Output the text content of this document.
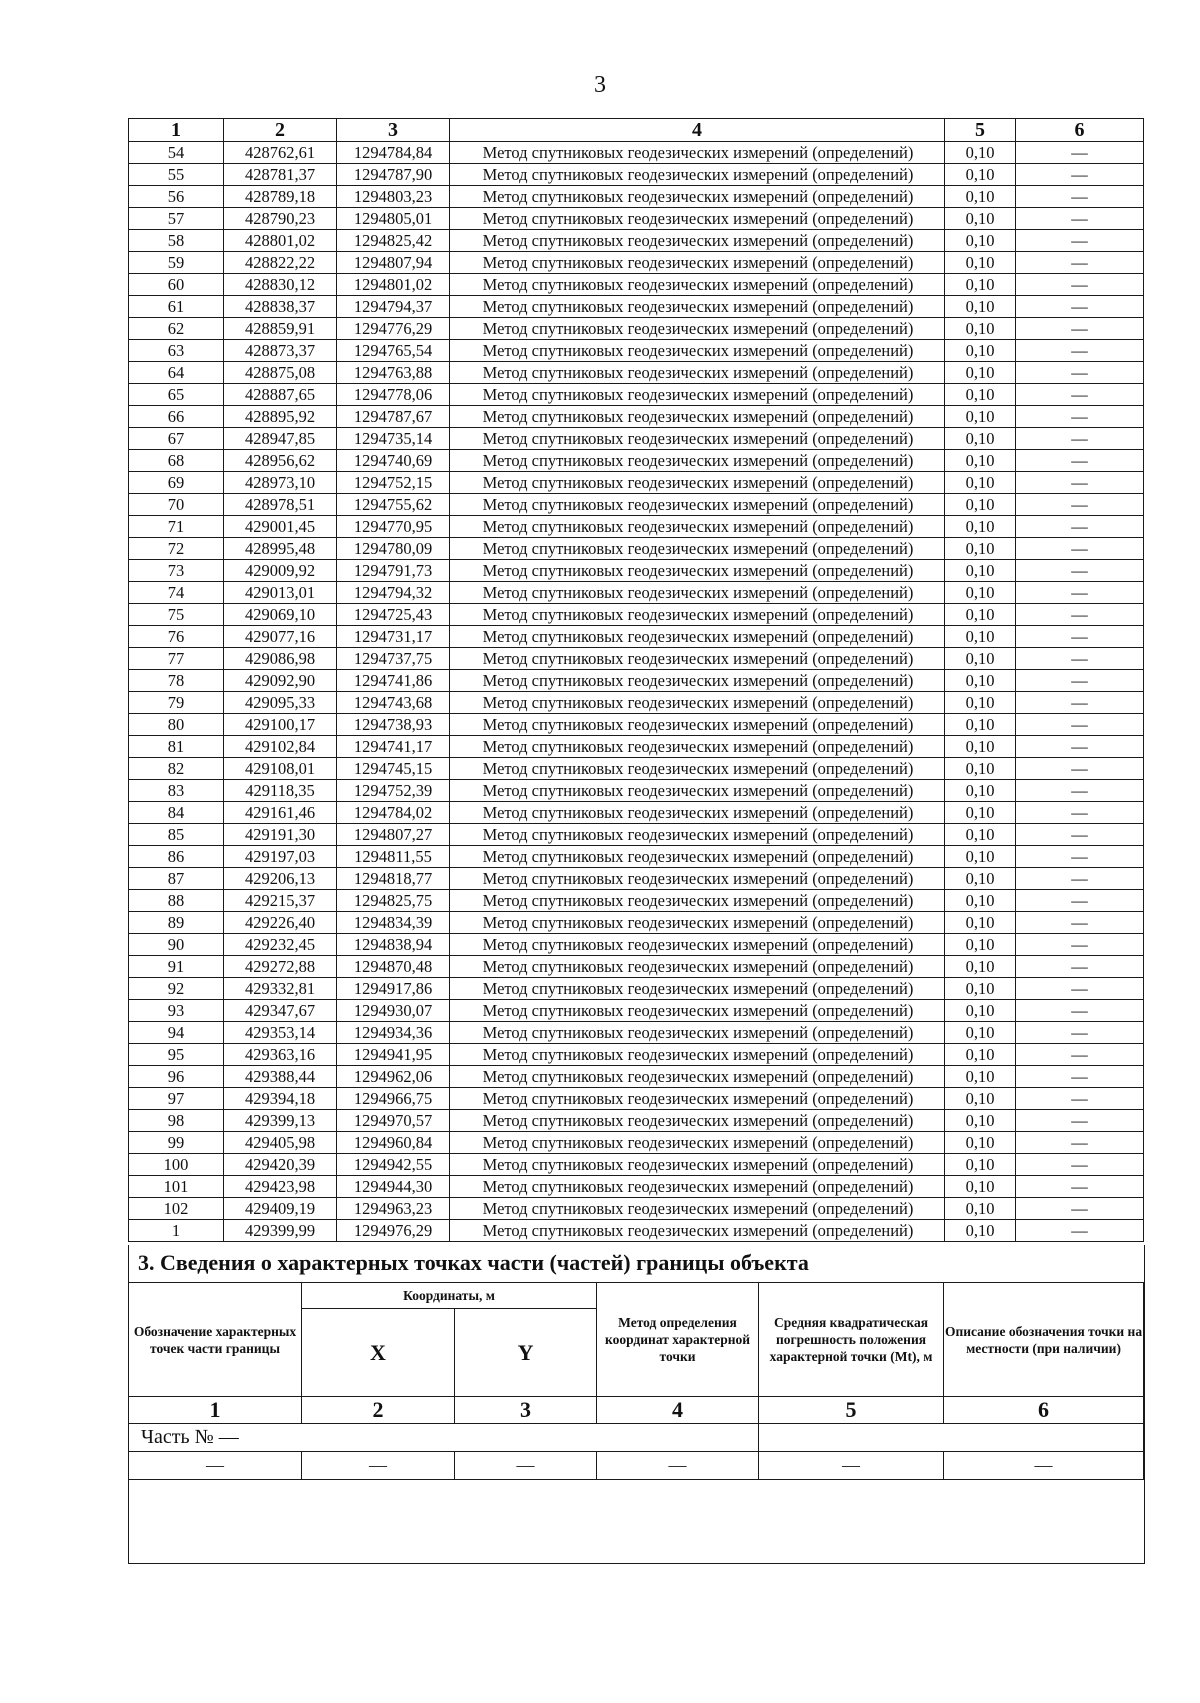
3
1	2	3	4	5	6
54	428762,61	1294784,84	Метод спутниковых геодезических измерений (определений)	0,10	—
55	428781,37	1294787,90	Метод спутниковых геодезических измерений (определений)	0,10	—
56	428789,18	1294803,23	Метод спутниковых геодезических измерений (определений)	0,10	—
57	428790,23	1294805,01	Метод спутниковых геодезических измерений (определений)	0,10	—
58	428801,02	1294825,42	Метод спутниковых геодезических измерений (определений)	0,10	—
59	428822,22	1294807,94	Метод спутниковых геодезических измерений (определений)	0,10	—
60	428830,12	1294801,02	Метод спутниковых геодезических измерений (определений)	0,10	—
61	428838,37	1294794,37	Метод спутниковых геодезических измерений (определений)	0,10	—
62	428859,91	1294776,29	Метод спутниковых геодезических измерений (определений)	0,10	—
63	428873,37	1294765,54	Метод спутниковых геодезических измерений (определений)	0,10	—
64	428875,08	1294763,88	Метод спутниковых геодезических измерений (определений)	0,10	—
65	428887,65	1294778,06	Метод спутниковых геодезических измерений (определений)	0,10	—
66	428895,92	1294787,67	Метод спутниковых геодезических измерений (определений)	0,10	—
67	428947,85	1294735,14	Метод спутниковых геодезических измерений (определений)	0,10	—
68	428956,62	1294740,69	Метод спутниковых геодезических измерений (определений)	0,10	—
69	428973,10	1294752,15	Метод спутниковых геодезических измерений (определений)	0,10	—
70	428978,51	1294755,62	Метод спутниковых геодезических измерений (определений)	0,10	—
71	429001,45	1294770,95	Метод спутниковых геодезических измерений (определений)	0,10	—
72	428995,48	1294780,09	Метод спутниковых геодезических измерений (определений)	0,10	—
73	429009,92	1294791,73	Метод спутниковых геодезических измерений (определений)	0,10	—
74	429013,01	1294794,32	Метод спутниковых геодезических измерений (определений)	0,10	—
75	429069,10	1294725,43	Метод спутниковых геодезических измерений (определений)	0,10	—
76	429077,16	1294731,17	Метод спутниковых геодезических измерений (определений)	0,10	—
77	429086,98	1294737,75	Метод спутниковых геодезических измерений (определений)	0,10	—
78	429092,90	1294741,86	Метод спутниковых геодезических измерений (определений)	0,10	—
79	429095,33	1294743,68	Метод спутниковых геодезических измерений (определений)	0,10	—
80	429100,17	1294738,93	Метод спутниковых геодезических измерений (определений)	0,10	—
81	429102,84	1294741,17	Метод спутниковых геодезических измерений (определений)	0,10	—
82	429108,01	1294745,15	Метод спутниковых геодезических измерений (определений)	0,10	—
83	429118,35	1294752,39	Метод спутниковых геодезических измерений (определений)	0,10	—
84	429161,46	1294784,02	Метод спутниковых геодезических измерений (определений)	0,10	—
85	429191,30	1294807,27	Метод спутниковых геодезических измерений (определений)	0,10	—
86	429197,03	1294811,55	Метод спутниковых геодезических измерений (определений)	0,10	—
87	429206,13	1294818,77	Метод спутниковых геодезических измерений (определений)	0,10	—
88	429215,37	1294825,75	Метод спутниковых геодезических измерений (определений)	0,10	—
89	429226,40	1294834,39	Метод спутниковых геодезических измерений (определений)	0,10	—
90	429232,45	1294838,94	Метод спутниковых геодезических измерений (определений)	0,10	—
91	429272,88	1294870,48	Метод спутниковых геодезических измерений (определений)	0,10	—
92	429332,81	1294917,86	Метод спутниковых геодезических измерений (определений)	0,10	—
93	429347,67	1294930,07	Метод спутниковых геодезических измерений (определений)	0,10	—
94	429353,14	1294934,36	Метод спутниковых геодезических измерений (определений)	0,10	—
95	429363,16	1294941,95	Метод спутниковых геодезических измерений (определений)	0,10	—
96	429388,44	1294962,06	Метод спутниковых геодезических измерений (определений)	0,10	—
97	429394,18	1294966,75	Метод спутниковых геодезических измерений (определений)	0,10	—
98	429399,13	1294970,57	Метод спутниковых геодезических измерений (определений)	0,10	—
99	429405,98	1294960,84	Метод спутниковых геодезических измерений (определений)	0,10	—
100	429420,39	1294942,55	Метод спутниковых геодезических измерений (определений)	0,10	—
101	429423,98	1294944,30	Метод спутниковых геодезических измерений (определений)	0,10	—
102	429409,19	1294963,23	Метод спутниковых геодезических измерений (определений)	0,10	—
1	429399,99	1294976,29	Метод спутниковых геодезических измерений (определений)	0,10	—
3. Сведения о характерных точках части (частей) границы объекта
Обозначение характерных точек части границы	Координаты, м		Метод определения координат характерной точки	Средняя квадратическая погрешность положения характерной точки (Mt), м	Описание обозначения точки на местности (при наличии)
	X	Y			
1	2	3	4	5	6
Часть № —					
—	—	—	—	—	—
